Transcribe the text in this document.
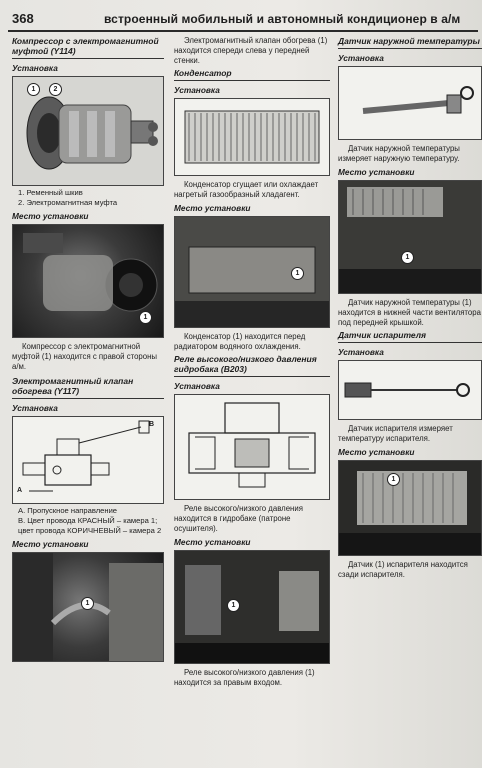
368	встроенный мобильный и автономный кондиционер в а/м

Компрессор с электромагнитной муфтой (Y114)

Установка

1	2
1. Ременный шкив
2. Электромагнитная муфта

Место установки

1

Компрессор с электромагнитной муфтой (1) находится с правой стороны а/м.

Электромагнитный клапан обогрева (Y117)

Установка

B
A
A. Пропускное направление
B. Цвет провода КРАСНЫЙ – камера 1; цвет провода КОРИЧНЕВЫЙ – камера 2

Место установки

1

Электромагнитный клапан обогрева (1) находится спереди слева у передней стенки.

Конденсатор

Установка

Конденсатор сгущает или охлаждает нагретый газообразный хладагент.

Место установки

1

Конденсатор (1) находится перед радиатором водяного охлаждения.

Реле высокого/низкого давления гидробака (B203)

Установка

Реле высокого/низкого давления находится в гидробаке (патроне осушителя).

Место установки

1

Реле высокого/низкого давления (1) находится за правым входом.

Датчик наружной температуры

Установка

Датчик наружной температуры измеряет наружную температуру.

Место установки

1

Датчик наружной температуры (1) находится в нижней части вентилятора под передней крышкой.

Датчик испарителя

Установка

Датчик испарителя измеряет температуру испарителя.

Место установки

1

Датчик (1) испарителя находится сзади испарителя.
